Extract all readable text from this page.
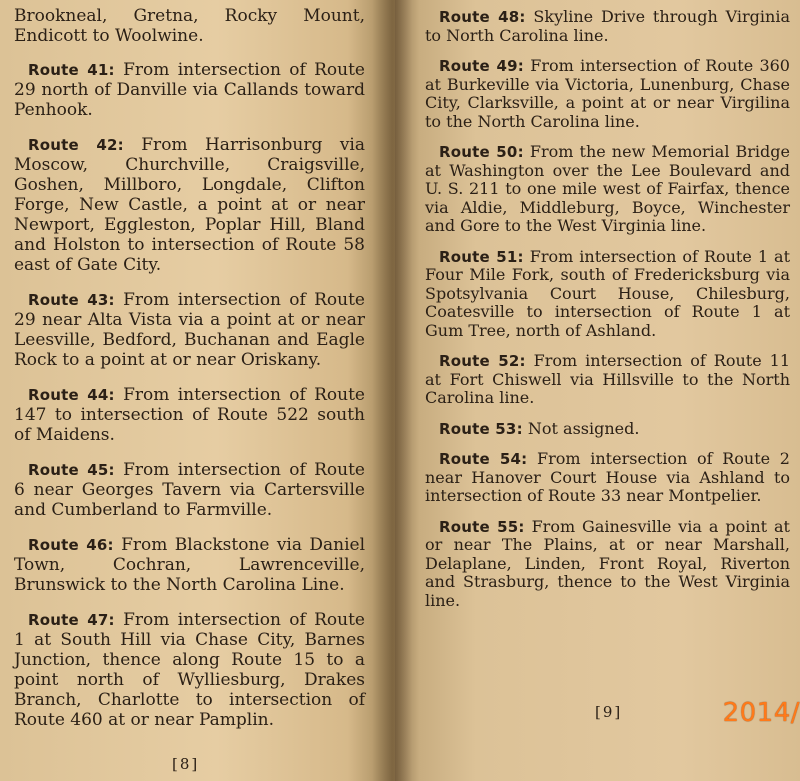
Brookneal, Gretna, Rocky Mount, Endicott to Woolwine.

Route 41: From intersection of Route 29 north of Danville via Callands toward Penhook.

Route 42: From Harrisonburg via Moscow, Churchville, Craigsville, Goshen, Millboro, Longdale, Clifton Forge, New Castle, a point at or near Newport, Eggleston, Poplar Hill, Bland and Holston to intersection of Route 58 east of Gate City.

Route 43: From intersection of Route 29 near Alta Vista via a point at or near Leesville, Bedford, Buchanan and Eagle Rock to a point at or near Oriskany.

Route 44: From intersection of Route 147 to intersection of Route 522 south of Maidens.

Route 45: From intersection of Route 6 near Georges Tavern via Cartersville and Cumberland to Farmville.

Route 46: From Blackstone via Daniel Town, Cochran, Lawrenceville, Brunswick to the North Carolina Line.

Route 47: From intersection of Route 1 at South Hill via Chase City, Barnes Junction, thence along Route 15 to a point north of Wylliesburg, Drakes Branch, Charlotte to intersection of Route 460 at or near Pamplin.

[8]

Route 48: Skyline Drive through Virginia to North Carolina line.

Route 49: From intersection of Route 360 at Burkeville via Victoria, Lunenburg, Chase City, Clarksville, a point at or near Virgilina to the North Carolina line.

Route 50: From the new Memorial Bridge at Washington over the Lee Boulevard and U. S. 211 to one mile west of Fairfax, thence via Aldie, Middleburg, Boyce, Winchester and Gore to the West Virginia line.

Route 51: From intersection of Route 1 at Four Mile Fork, south of Fredericksburg via Spotsylvania Court House, Chilesburg, Coatesville to intersection of Route 1 at Gum Tree, north of Ashland.

Route 52: From intersection of Route 11 at Fort Chiswell via Hillsville to the North Carolina line.

Route 53: Not assigned.

Route 54: From intersection of Route 2 near Hanover Court House via Ashland to intersection of Route 33 near Montpelier.

Route 55: From Gainesville via a point at or near The Plains, at or near Marshall, Delaplane, Linden, Front Royal, Riverton and Strasburg, thence to the West Virginia line.

[9]	2014/
